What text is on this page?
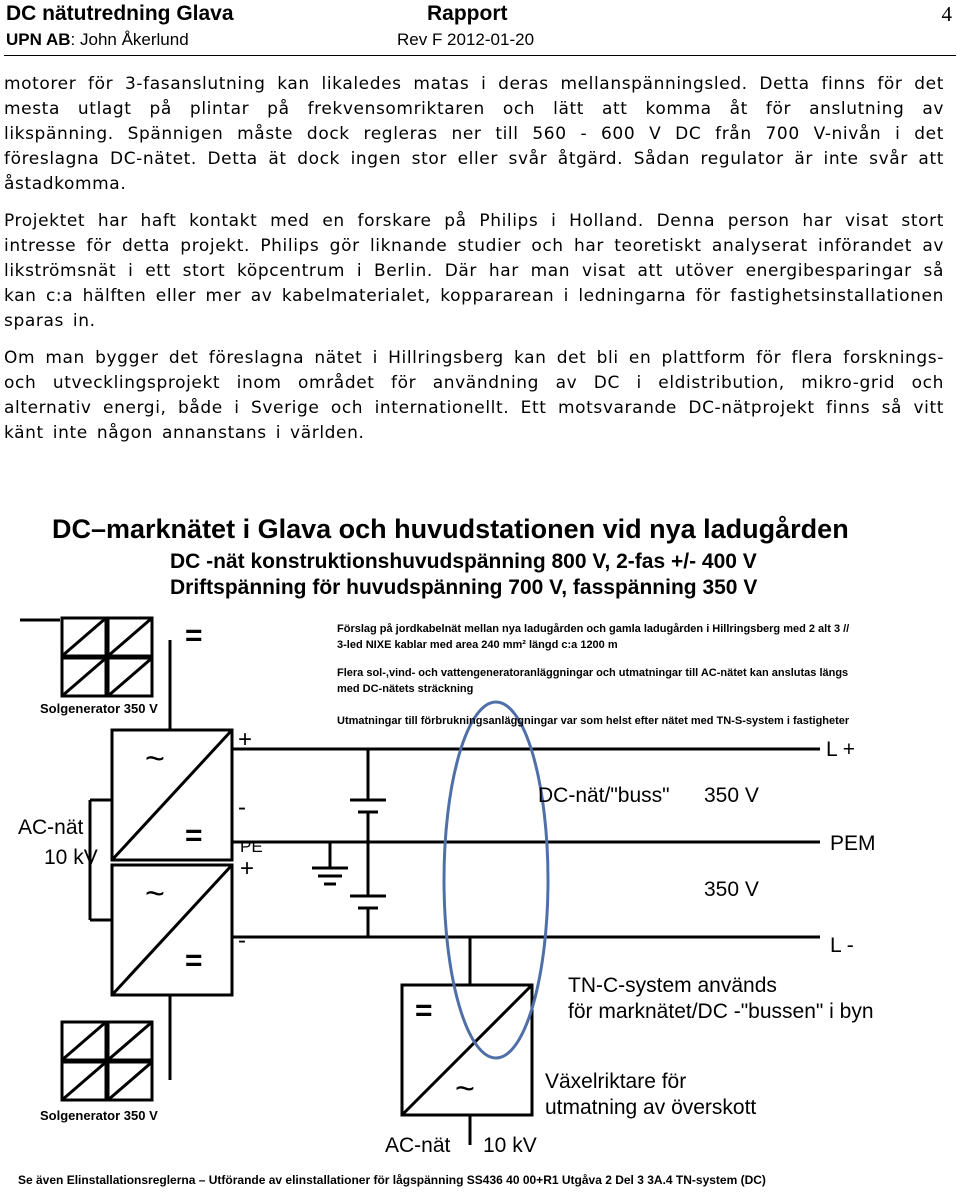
DC nätutredning Glava	Rapport	4
UPN AB: John Åkerlund	Rev F 2012-01-20

motorer för 3-fasanslutning kan likaledes matas i deras mellanspänningsled. Detta finns för det mesta utlagt på plintar på frekvensomriktaren och lätt att komma åt för anslutning av likspänning. Spännigen måste dock regleras ner till 560 - 600 V DC från 700 V-nivån i det föreslagna DC-nätet. Detta ät dock ingen stor eller svår åtgärd. Sådan regulator är inte svår att åstadkomma.

Projektet har haft kontakt med en forskare på Philips i Holland. Denna person har visat stort intresse för detta projekt. Philips gör liknande studier och har teoretiskt analyserat införandet av likströmsnät i ett stort köpcentrum i Berlin. Där har man visat att utöver energibesparingar så kan c:a hälften eller mer av kabelmaterialet, koppararean i ledningarna för fastighetsinstallationen sparas in.

Om man bygger det föreslagna nätet i Hillringsberg kan det bli en plattform för flera forsknings- och utvecklingsprojekt inom området för användning av DC i eldistribution, mikro-grid och alternativ energi, både i Sverige och internationellt. Ett motsvarande DC-nätprojekt finns så vitt känt inte någon annanstans i världen.

=
~
=
~
=
=
~
DC–marknätet i Glava och huvudstationen vid nya ladugården
DC -nät konstruktionshuvudspänning 800 V, 2-fas +/- 400 V
Driftspänning för huvudspänning 700 V, fasspänning 350 V
Förslag på jordkabelnät mellan nya ladugården och gamla ladugården i Hillringsberg med 2 alt 3 //
3-led NIXE kablar med area 240 mm² längd c:a 1200 m
Flera sol-,vind- och vattengeneratoranläggningar och utmatningar till AC-nätet kan anslutas längs
med DC-nätets sträckning
Utmatningar till förbrukningsanläggningar var som helst efter nätet med TN-S-system i fastigheter
Solgenerator 350 V
Solgenerator 350 V
AC-nät
10 kV
+
-
PE
+
-
DC-nät/"buss" 350 V
350 V
L +
PEM
L -
TN-C-system används
för marknätet/DC -"bussen" i byn
Växelriktare för
utmatning av överskott
AC-nät 10 kV
Se även Elinstallationsreglerna – Utförande av elinstallationer för lågspänning SS436 40 00+R1 Utgåva 2 Del 3 3A.4 TN-system (DC)
